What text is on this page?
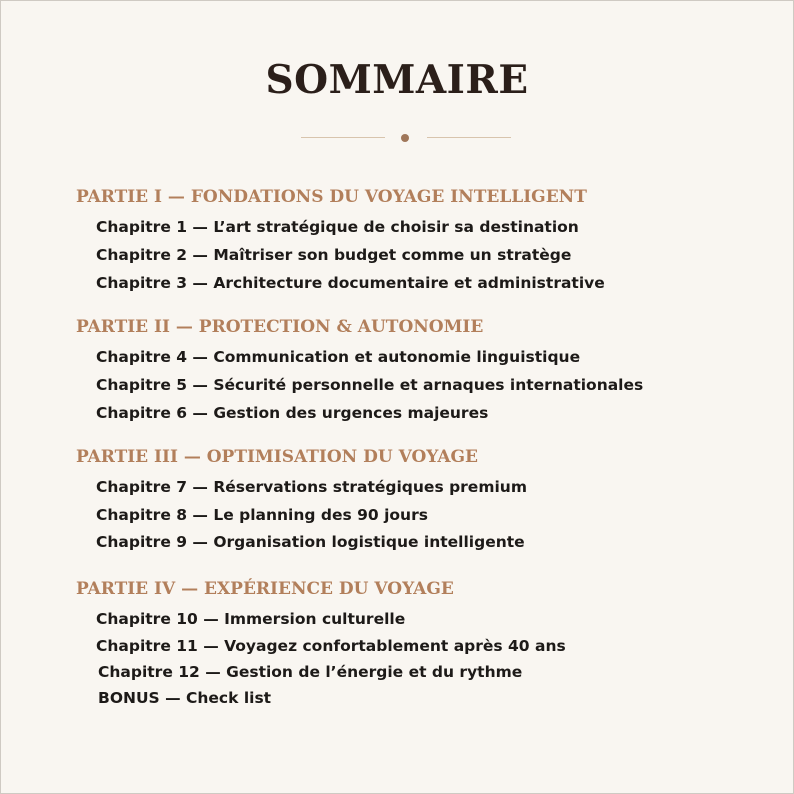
SOMMAIRE
PARTIE I — FONDATIONS DU VOYAGE INTELLIGENT
Chapitre 1 — L’art stratégique de choisir sa destination
Chapitre 2 — Maîtriser son budget comme un stratège
Chapitre 3 — Architecture documentaire et administrative
PARTIE II — PROTECTION & AUTONOMIE
Chapitre 4 — Communication et autonomie linguistique
Chapitre 5 — Sécurité personnelle et arnaques internationales
Chapitre 6 — Gestion des urgences majeures
PARTIE III — OPTIMISATION DU VOYAGE
Chapitre 7 — Réservations stratégiques premium
Chapitre 8 — Le planning des 90 jours
Chapitre 9 — Organisation logistique intelligente
PARTIE IV — EXPÉRIENCE DU VOYAGE
Chapitre 10 — Immersion culturelle
Chapitre 11 — Voyagez confortablement après 40 ans
Chapitre 12 — Gestion de l’énergie et du rythme
BONUS — Check list
